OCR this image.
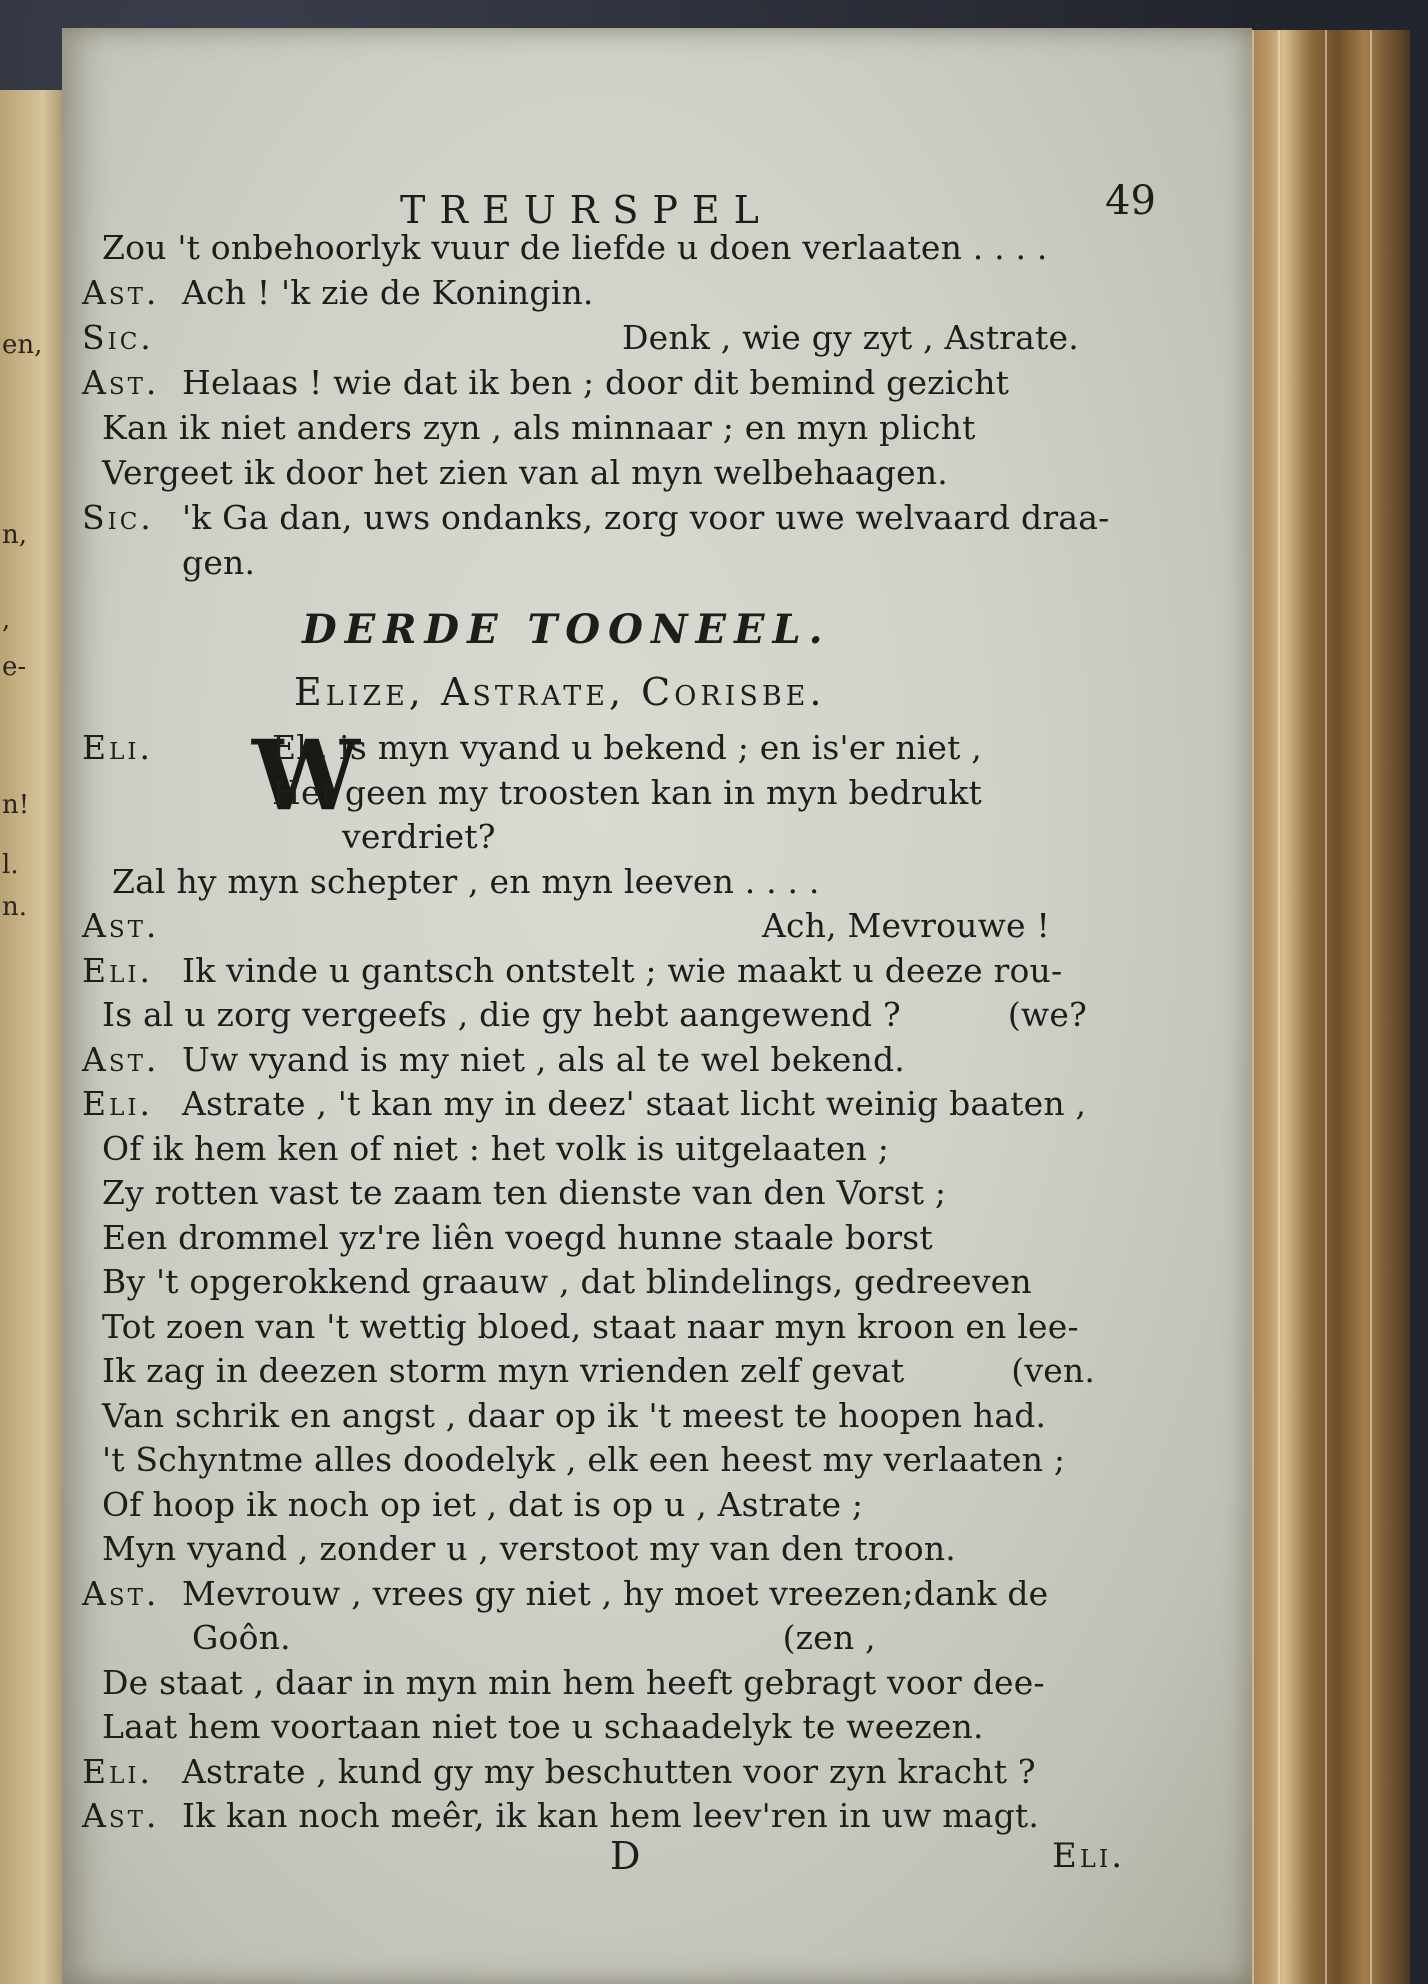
en,
n,
,
e-
n!
l.
n.
TREURSPEL	49
Zou 't onbehoorlyk vuur de liefde u doen verlaaten . . . .
Ast. Ach ! 'k zie de Koningin.
Sic.	Denk , wie gy zyt , Astrate.
Ast. Helaas ! wie dat ik ben ; door dit bemind gezicht
Kan ik niet anders zyn , als minnaar ; en myn plicht
Vergeet ik door het zien van al myn welbehaagen.
Sic. 'k Ga dan, uws ondanks, zorg voor uwe welvaard draa-
gen.
DERDE TOONEEL.
Elize, Astrate, Corisbe.
W
Eli.	El , is myn vyand u bekend ; en is'er niet ,
Het geen my troosten kan in myn bedrukt
verdriet?
Zal hy myn schepter , en myn leeven . . . .
Ast.	Ach, Mevrouwe !
Eli. Ik vinde u gantsch ontstelt ; wie maakt u deeze rou-
Is al u zorg vergeefs , die gy hebt aangewend ?          (we?
Ast. Uw vyand is my niet , als al te wel bekend.
Eli. Astrate , 't kan my in deez' staat licht weinig baaten ,
Of ik hem ken of niet : het volk is uitgelaaten ;
Zy rotten vast te zaam ten dienste van den Vorst ;
Een drommel yz're liên voegd hunne staale borst
By 't opgerokkend graauw , dat blindelings, gedreeven
Tot zoen van 't wettig bloed, staat naar myn kroon en lee-
Ik zag in deezen storm myn vrienden zelf gevat          (ven.
Van schrik en angst , daar op ik 't meest te hoopen had.
't Schyntme alles doodelyk , elk een heest my verlaaten ;
Of hoop ik noch op iet , dat is op u , Astrate ;
Myn vyand , zonder u , verstoot my van den troon.
Ast. Mevrouw , vrees gy niet , hy moet vreezen;dank de
Goôn.                                              (zen ,
De staat , daar in myn min hem heeft gebragt voor dee-
Laat hem voortaan niet toe u schaadelyk te weezen.
Eli. Astrate , kund gy my beschutten voor zyn kracht ?
Ast. Ik kan noch meêr, ik kan hem leev'ren in uw magt.
D	Eli.
